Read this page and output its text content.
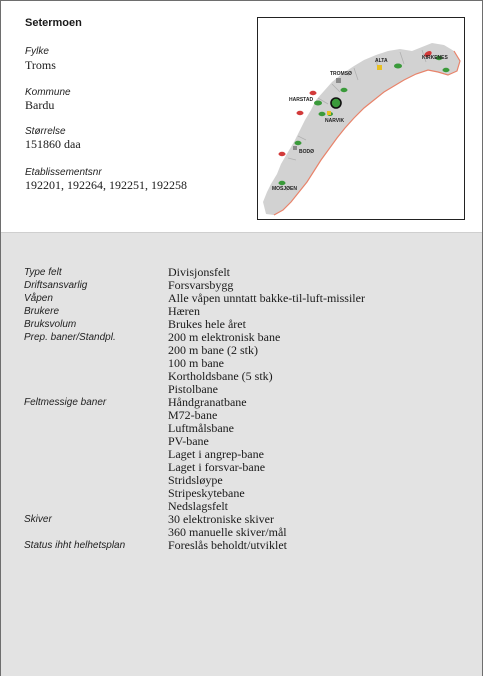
Setermoen
Fylke
Troms
Kommune
Bardu
Størrelse
151860 daa
Etablissementsnr
192201, 192264, 192251, 192258
ALTA	KIRKENES
TROMSØ
HARSTAD
NARVIK
BODØ
MOSJØEN
Type felt	Divisjonsfelt
Driftsansvarlig	Forsvarsbygg
Våpen	Alle våpen unntatt bakke-til-luft-missiler
Brukere	Hæren
Bruksvolum	Brukes hele året
Prep. baner/Standpl.	200 m elektronisk bane
200 m bane (2 stk)
100 m bane
Kortholdsbane (5 stk)
Pistolbane
Feltmessige baner	Håndgranatbane
M72-bane
Luftmålsbane
PV-bane
Laget i angrep-bane
Laget i forsvar-bane
Stridsløype
Stripeskytebane
Nedslagsfelt
Skiver	30 elektroniske skiver
360 manuelle skiver/mål
Status ihht helhetsplan	Foreslås beholdt/utviklet
